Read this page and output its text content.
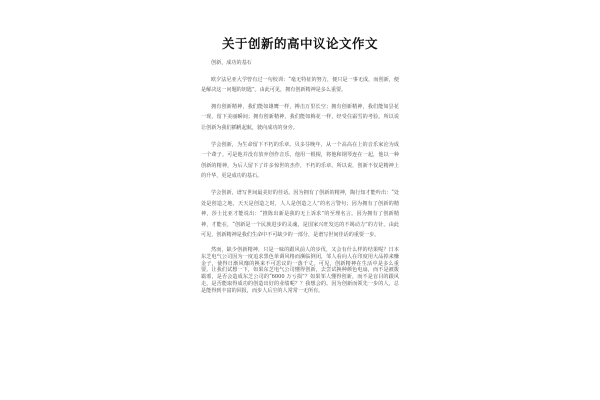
关于创新的高中议论文作文

创新，成功的基石

欧夕法尼亚大学曾有过一句校训：“毫无特征的努力，便只是一事无成，而创新，便是解决这一问题的钥匙”。由此可见，拥有创新精神是多么重要。

拥有创新精神，我们能如雄鹰一样，搏击万里长空；拥有创新精神，我们能如昙花一现，留下美丽瞬间；拥有创新精神，我们能如梅花一样，经受住霜雪的考验。所以说让创新为我们插帆起航，驶向成功的身旁。

学会创新，为生命留下不朽的乐章。贝多芬晚年，从一个高高在上的音乐家沦为成一个聋子。可是他并没有放弃创作音乐，他用一根棍，将他和钢琴连在一起，他以一种创新的精神，为后人留下了许多惊世的杰作，不朽的乐章。所以说，创新不仅是精神上的升华，更是成功的基石。

学会创新，谱写世间最美好的佳话。因为拥有了创新的精神，陶行知才能吟出：“处处是创造之地，天天是创造之时，人人是创造之人”的名言警句；因为拥有了创新的精神，莎士比亚才能说出：“推陈出新是我的无上诉求”的至理名言。因为拥有了创新精神，才能在，“创新是一个民族进步的灵魂，是国家兴旺发达的不竭动力”的方针。由此可见，创新精神是我们生命中不可缺少的一部分，是谱写世间佳话的重要一步。

然而，缺少创新精神，只是一味的跟风前人的步伐，又会有什么样的结果呢？日本东芝电气公司因为一度追求黑色单调风格而濒临倒闭，邹人看向人在印度用大品掉来赚金子，使得日渐风靡的换来不可思议的一落千丈。可见，创新精神在生活中是多么重要。让我们试想一下，如果东芝电气公司懂得创新，去尝试换种颜色电扇，而不是被拨霸邪，是否会造成东芝公司的“6000 万亏损”？如果邹人懂得创新，而不是盲目的跟风走，是否能取得成功的创造出好的业绩呢？？我想会的。因为创新而领先一步的人，总是能得到丰富的回报，而步人后尘的人常常一无所有。
